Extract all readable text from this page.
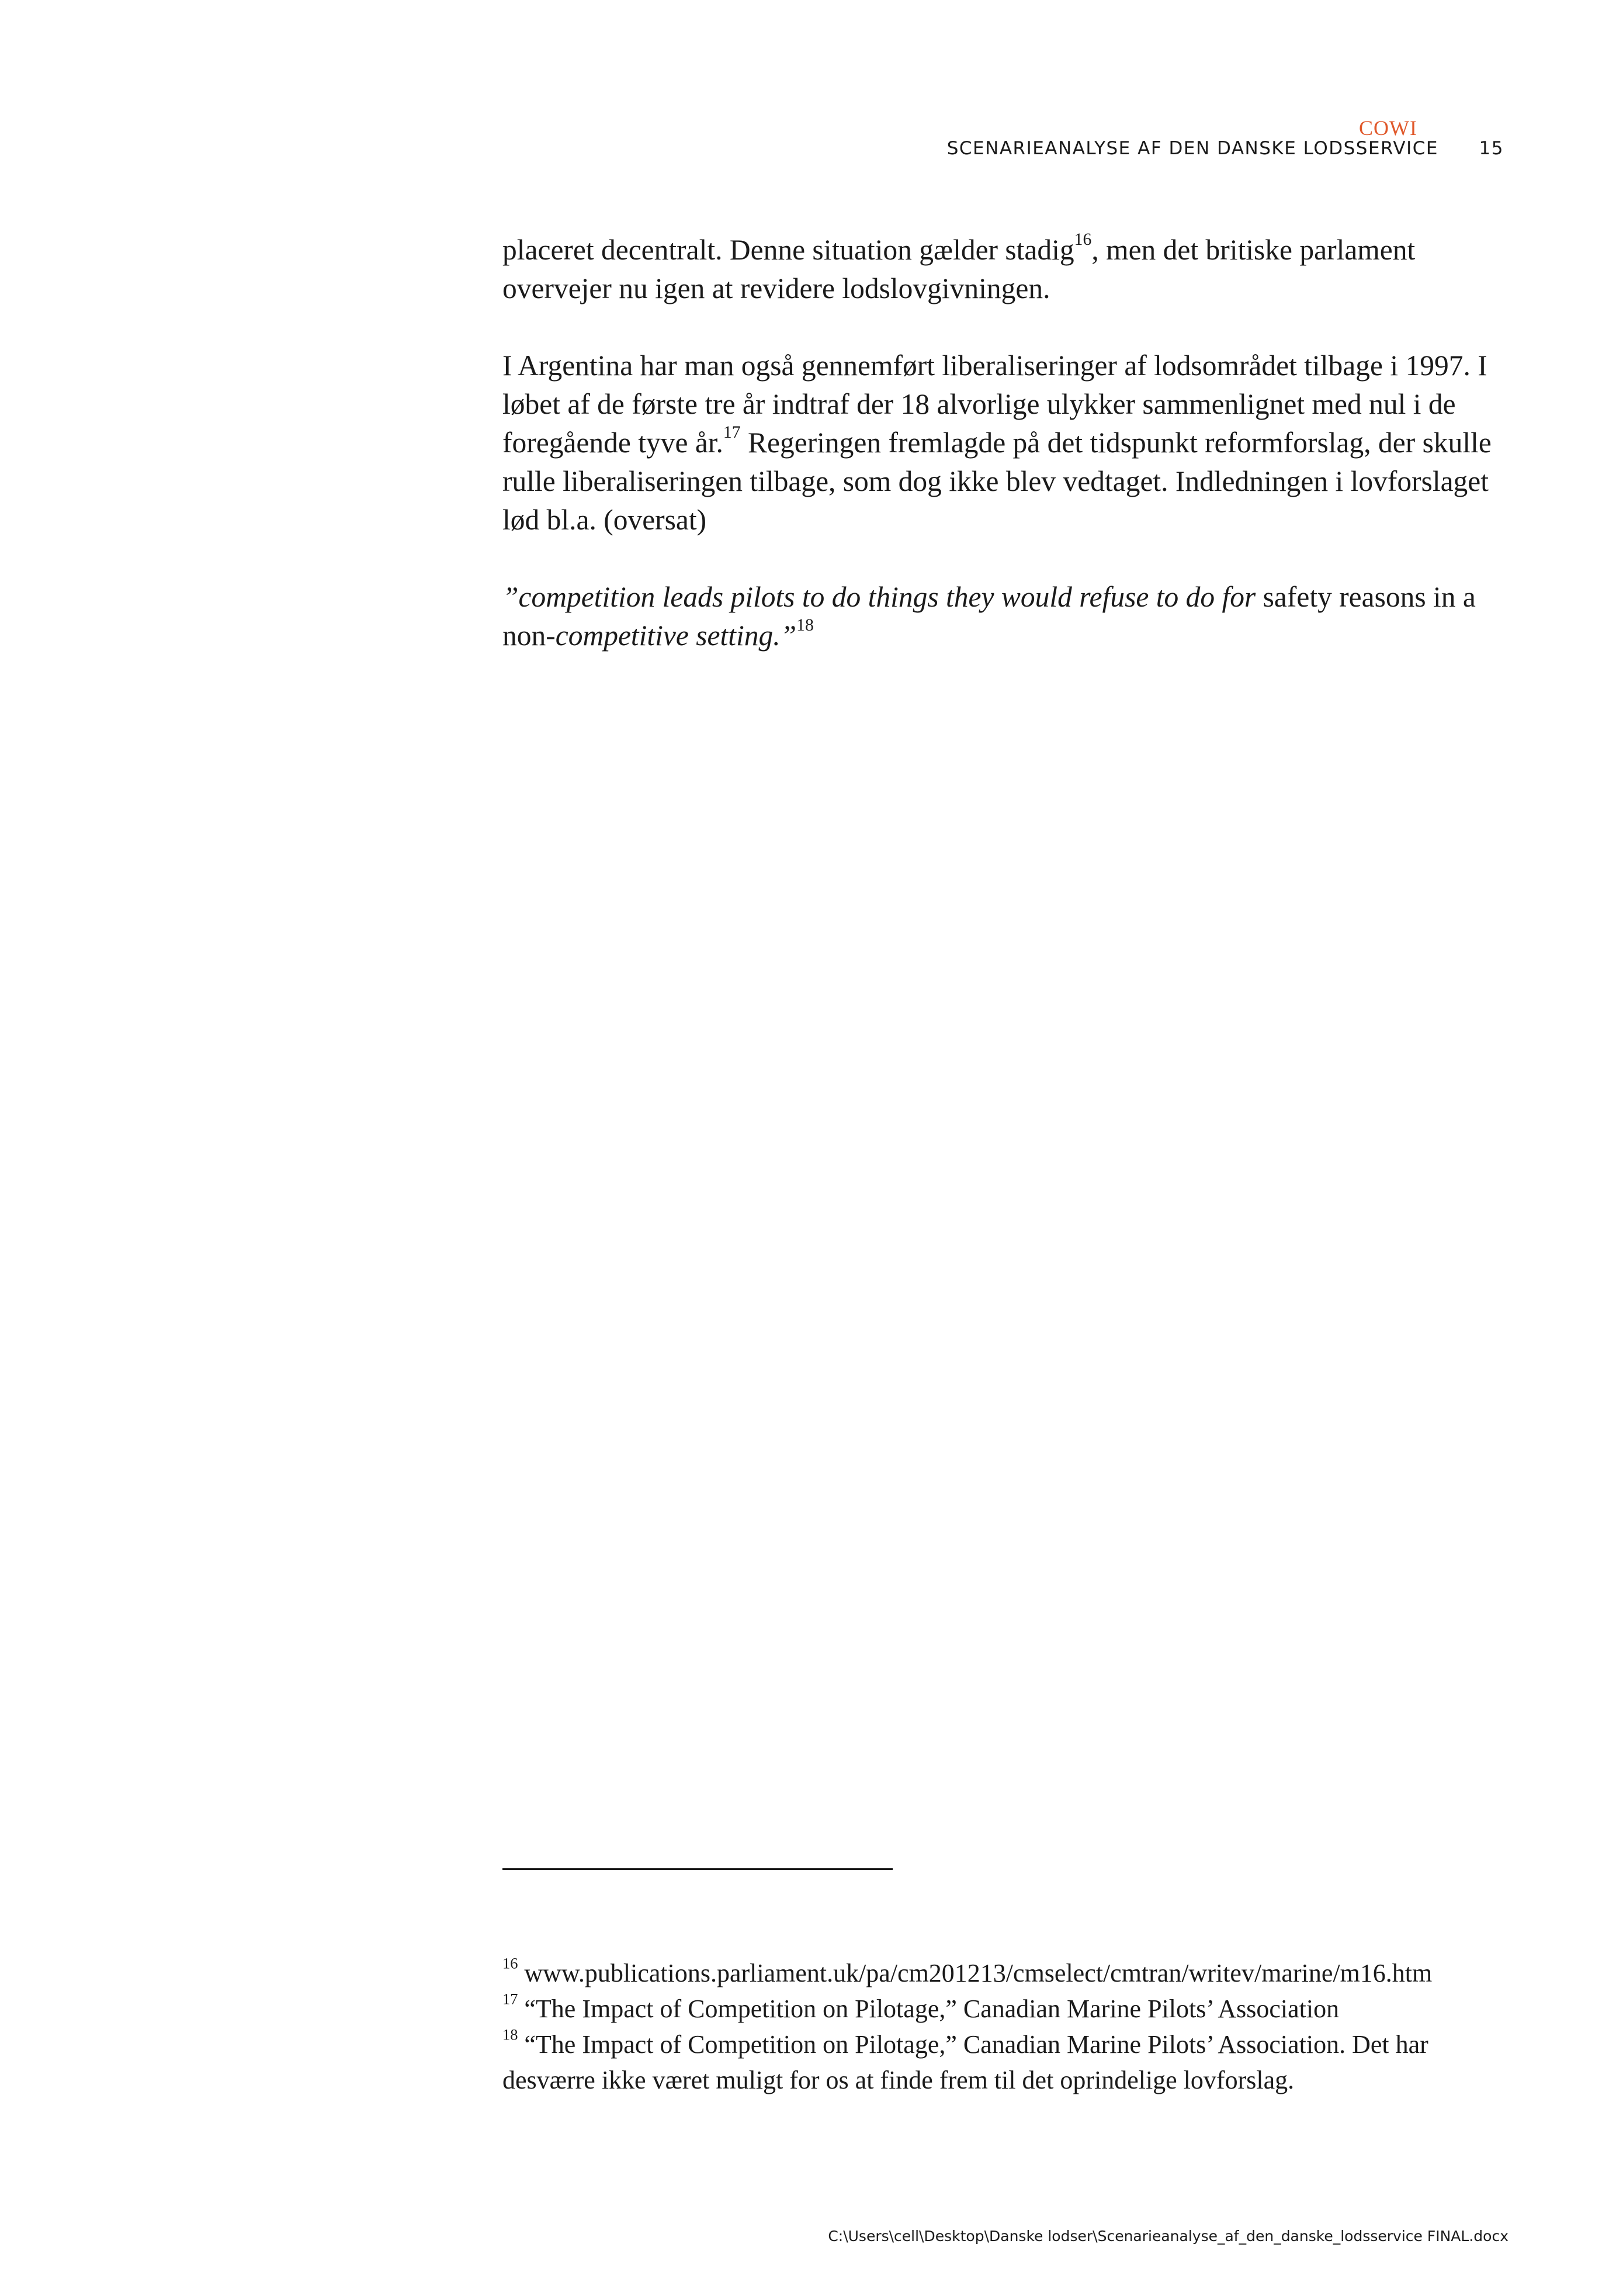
COWI
SCENARIEANALYSE AF DEN DANSKE LODSSERVICE 15

placeret decentralt. Denne situation gælder stadig$^{16}$, men det britiske parlament overvejer nu igen at revidere lodslovgivningen.

I Argentina har man også gennemført liberaliseringer af lodsområdet tilbage i 1997. I løbet af de første tre år indtraf der 18 alvorlige ulykker sammenlignet med nul i de foregående tyve år.$^{17}$ Regeringen fremlagde på det tidspunkt reformforslag, der skulle rulle liberaliseringen tilbage, som dog ikke blev vedtaget. Indledningen i lovforslaget lød bl.a. (oversat)

”competition leads pilots to do things they would refuse to do for safety reasons in a non-competitive setting.”$^{18}$

$^{16}$ www.publications.parliament.uk/pa/cm201213/cmselect/cmtran/writev/marine/m16.htm
$^{17}$ “The Impact of Competition on Pilotage,” Canadian Marine Pilots’ Association
$^{18}$ “The Impact of Competition on Pilotage,” Canadian Marine Pilots’ Association. Det har desværre ikke været muligt for os at finde frem til det oprindelige lovforslag.
C:\Users\cell\Desktop\Danske lodser\Scenarieanalyse_af_den_danske_lodsservice FINAL.docx
